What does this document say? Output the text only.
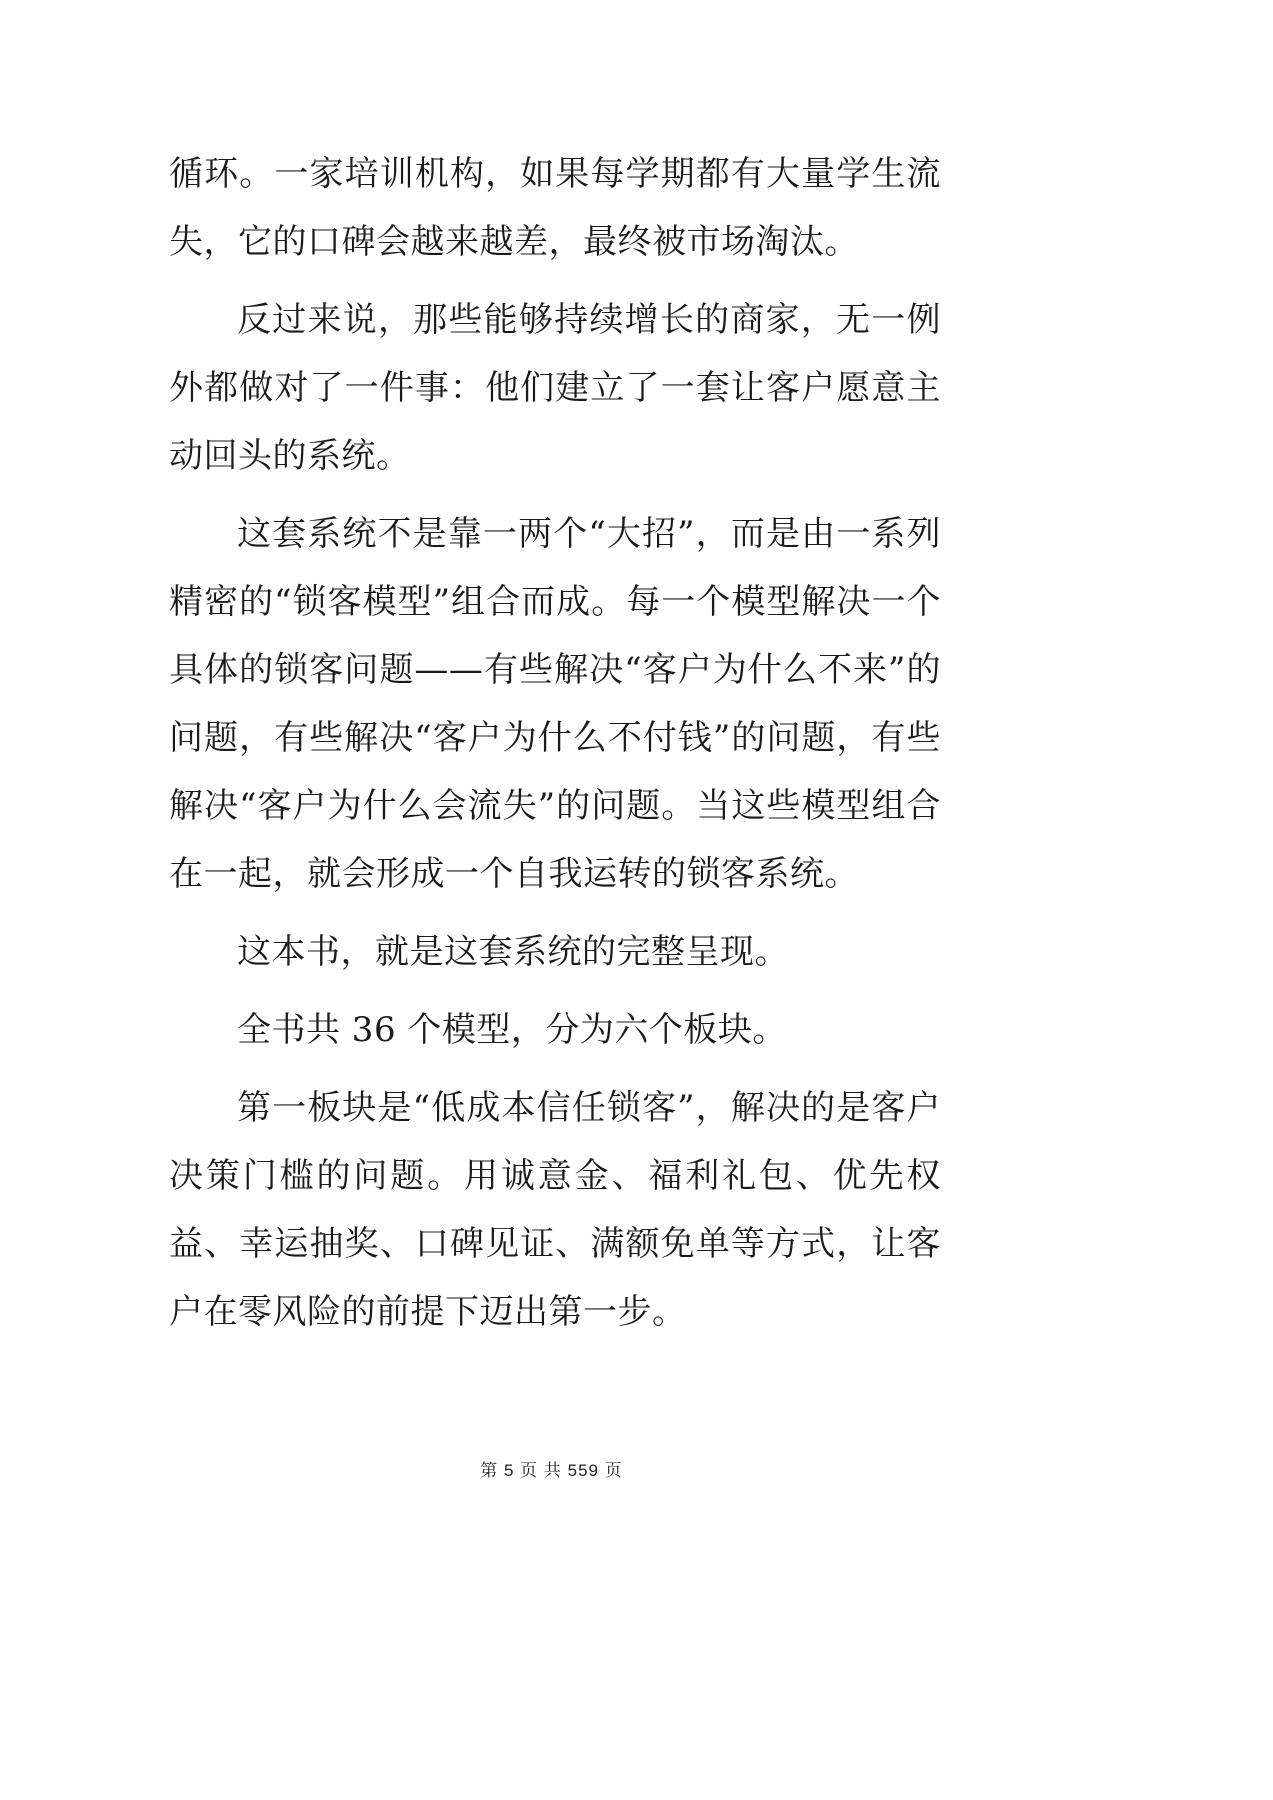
循环。一家培训机构，如果每学期都有大量学生流失，它的口碑会越来越差，最终被市场淘汰。

反过来说，那些能够持续增长的商家，无一例外都做对了一件事：他们建立了一套让客户愿意主动回头的系统。

这套系统不是靠一两个“大招”，而是由一系列精密的“锁客模型”组合而成。每一个模型解决一个具体的锁客问题——有些解决“客户为什么不来”的问题，有些解决“客户为什么不付钱”的问题，有些解决“客户为什么会流失”的问题。当这些模型组合在一起，就会形成一个自我运转的锁客系统。

这本书，就是这套系统的完整呈现。

全书共 36 个模型，分为六个板块。

第一板块是“低成本信任锁客”，解决的是客户决策门槛的问题。用诚意金、福利礼包、优先权益、幸运抽奖、口碑见证、满额免单等方式，让客户在零风险的前提下迈出第一步。

第 5 页 共 559 页
